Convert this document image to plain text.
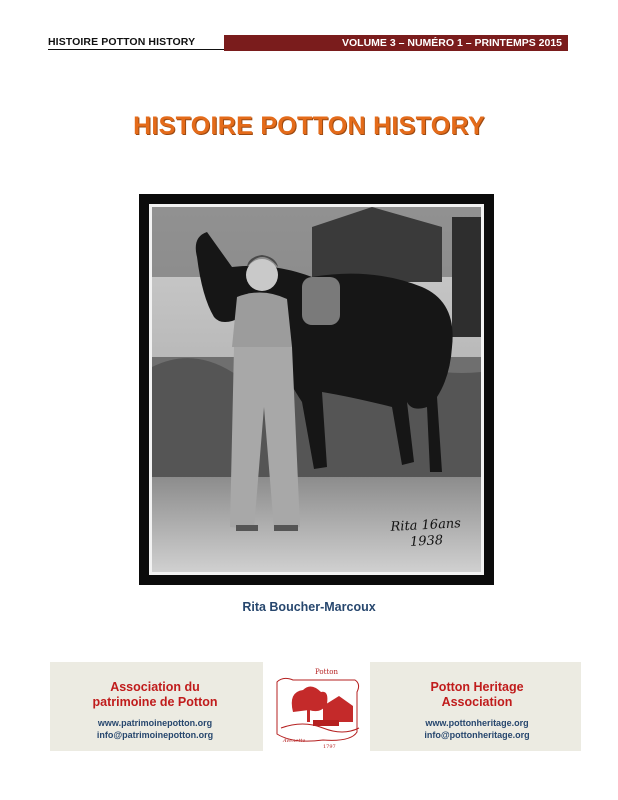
HISTOIRE POTTON HISTORY	VOLUME 3 – NUMÉRO 1 – PRINTEMPS 2015
HISTOIRE POTTON HISTORY
Rita 16ans
1938
Rita Boucher-Marcoux
Association du
patrimoine de Potton
www.patrimoinepotton.org
info@patrimoinepotton.org
Potton
Avenette
1797
Potton Heritage
Association
www.pottonheritage.org
info@pottonheritage.org
